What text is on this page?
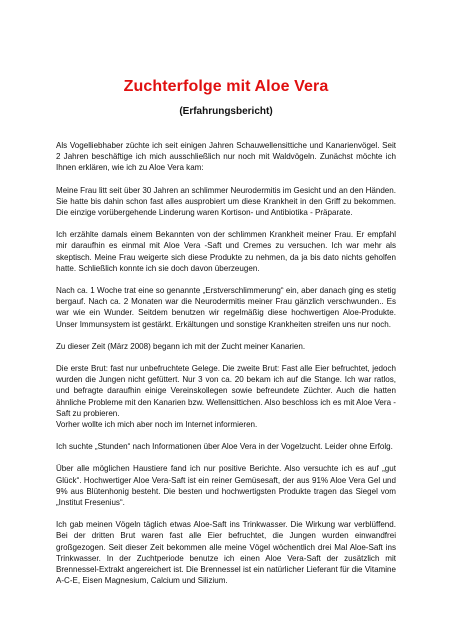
Zuchterfolge mit Aloe Vera
(Erfahrungsbericht)

Als Vogelliebhaber züchte ich seit einigen Jahren Schauwellensittiche und Kanarienvögel. Seit 2 Jahren beschäftige ich mich ausschließlich nur noch mit Waldvögeln. Zunächst möchte ich Ihnen erklären, wie ich zu Aloe Vera kam:

Meine Frau litt seit über 30 Jahren an schlimmer Neurodermitis im Gesicht und an den Händen. Sie hatte bis dahin schon fast alles ausprobiert um diese Krankheit in den Griff zu bekommen. Die einzige vorübergehende Linderung waren Kortison- und Antibiotika - Präparate.

Ich erzählte damals einem Bekannten von der schlimmen Krankheit meiner Frau. Er empfahl mir daraufhin es einmal mit Aloe Vera -Saft und Cremes zu versuchen. Ich war mehr als skeptisch. Meine Frau weigerte sich diese Produkte zu nehmen, da ja bis dato nichts geholfen hatte. Schließlich konnte ich sie doch davon überzeugen.

Nach ca. 1 Woche trat eine so genannte „Erstverschlimmerung“ ein, aber danach ging es stetig bergauf. Nach ca. 2 Monaten war die Neurodermitis meiner Frau gänzlich verschwunden.. Es war wie ein Wunder. Seitdem benutzen wir regelmäßig diese hochwertigen Aloe-Produkte. Unser Immunsystem ist gestärkt. Erkältungen und sonstige Krankheiten streifen uns nur noch.

Zu dieser Zeit (März 2008) begann ich mit der Zucht meiner Kanarien.

Die erste Brut: fast nur unbefruchtete Gelege. Die zweite Brut: Fast alle Eier befruchtet, jedoch wurden die Jungen nicht gefüttert. Nur 3 von ca. 20 bekam ich auf die Stange. Ich war ratlos, und befragte daraufhin einige Vereinskollegen sowie befreundete Züchter. Auch die hatten ähnliche Probleme mit den Kanarien bzw. Wellensittichen. Also beschloss ich es mit Aloe Vera - Saft zu probieren.

Vorher wollte ich mich aber noch im Internet informieren.

Ich suchte „Stunden“ nach Informationen über Aloe Vera in der Vogelzucht. Leider ohne Erfolg.

Über alle möglichen Haustiere fand ich nur positive Berichte. Also versuchte ich es auf „gut Glück“. Hochwertiger Aloe Vera-Saft ist ein reiner Gemüsesaft, der aus 91% Aloe Vera Gel und 9% aus Blütenhonig besteht. Die besten und hochwertigsten Produkte tragen das Siegel vom „Institut Fresenius“.

Ich gab meinen Vögeln täglich etwas Aloe-Saft ins Trinkwasser. Die Wirkung war verblüffend. Bei der dritten Brut waren fast alle Eier befruchtet, die Jungen wurden einwandfrei großgezogen. Seit dieser Zeit bekommen alle meine Vögel wöchentlich drei Mal Aloe-Saft ins Trinkwasser. In der Zuchtperiode benutze ich einen Aloe Vera-Saft der zusätzlich mit Brennessel-Extrakt angereichert ist. Die Brennessel ist ein natürlicher Lieferant für die Vitamine A-C-E, Eisen Magnesium, Calcium und Silizium.
